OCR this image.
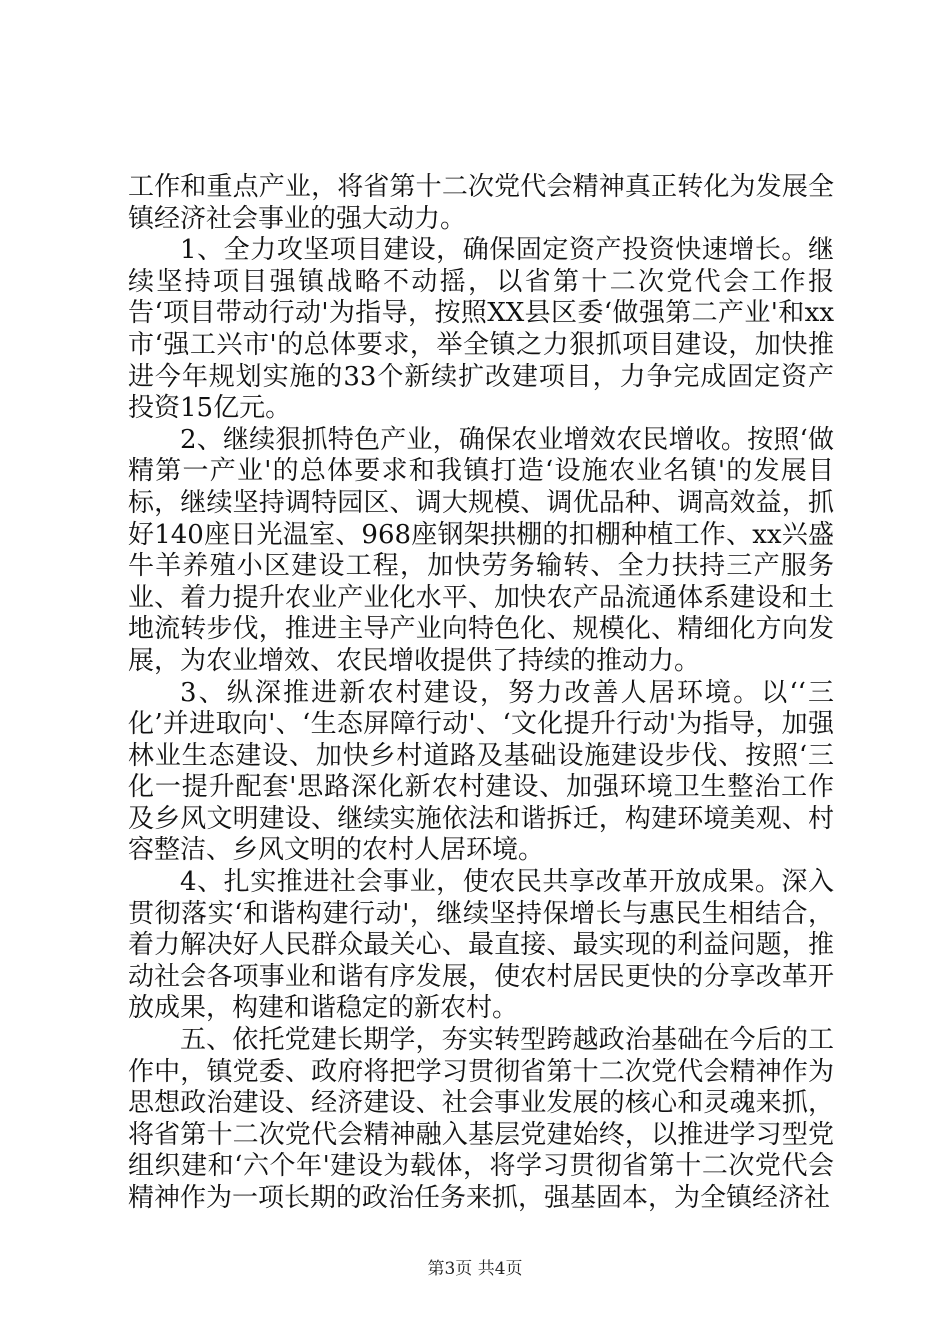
工作和重点产业，将省第十二次党代会精神真正转化为发展全镇经济社会事业的强大动力。

1、全力攻坚项目建设，确保固定资产投资快速增长。继续坚持项目强镇战略不动摇，以省第十二次党代会工作报告‘项目带动行动'为指导，按照XX县区委‘做强第二产业'和xx市‘强工兴市'的总体要求，举全镇之力狠抓项目建设，加快推进今年规划实施的33个新续扩改建项目，力争完成固定资产投资15亿元。

2、继续狠抓特色产业，确保农业增效农民增收。按照‘做精第一产业'的总体要求和我镇打造‘设施农业名镇'的发展目标，继续坚持调特园区、调大规模、调优品种、调高效益，抓好140座日光温室、968座钢架拱棚的扣棚种植工作、xx兴盛牛羊养殖小区建设工程，加快劳务输转、全力扶持三产服务业、着力提升农业产业化水平、加快农产品流通体系建设和土地流转步伐，推进主导产业向特色化、规模化、精细化方向发展，为农业增效、农民增收提供了持续的推动力。

3、纵深推进新农村建设，努力改善人居环境。以‘‘三化’并进取向'、‘生态屏障行动'、‘文化提升行动'为指导，加强林业生态建设、加快乡村道路及基础设施建设步伐、按照‘三化一提升配套'思路深化新农村建设、加强环境卫生整治工作及乡风文明建设、继续实施依法和谐拆迁，构建环境美观、村容整洁、乡风文明的农村人居环境。

4、扎实推进社会事业，使农民共享改革开放成果。深入贯彻落实‘和谐构建行动'，继续坚持保增长与惠民生相结合，着力解决好人民群众最关心、最直接、最实现的利益问题，推动社会各项事业和谐有序发展，使农村居民更快的分享改革开放成果，构建和谐稳定的新农村。

五、依托党建长期学，夯实转型跨越政治基础在今后的工作中，镇党委、政府将把学习贯彻省第十二次党代会精神作为思想政治建设、经济建设、社会事业发展的核心和灵魂来抓，将省第十二次党代会精神融入基层党建始终，以推进学习型党组织建和‘六个年'建设为载体，将学习贯彻省第十二次党代会精神作为一项长期的政治任务来抓，强基固本，为全镇经济社

第3页 共4页
